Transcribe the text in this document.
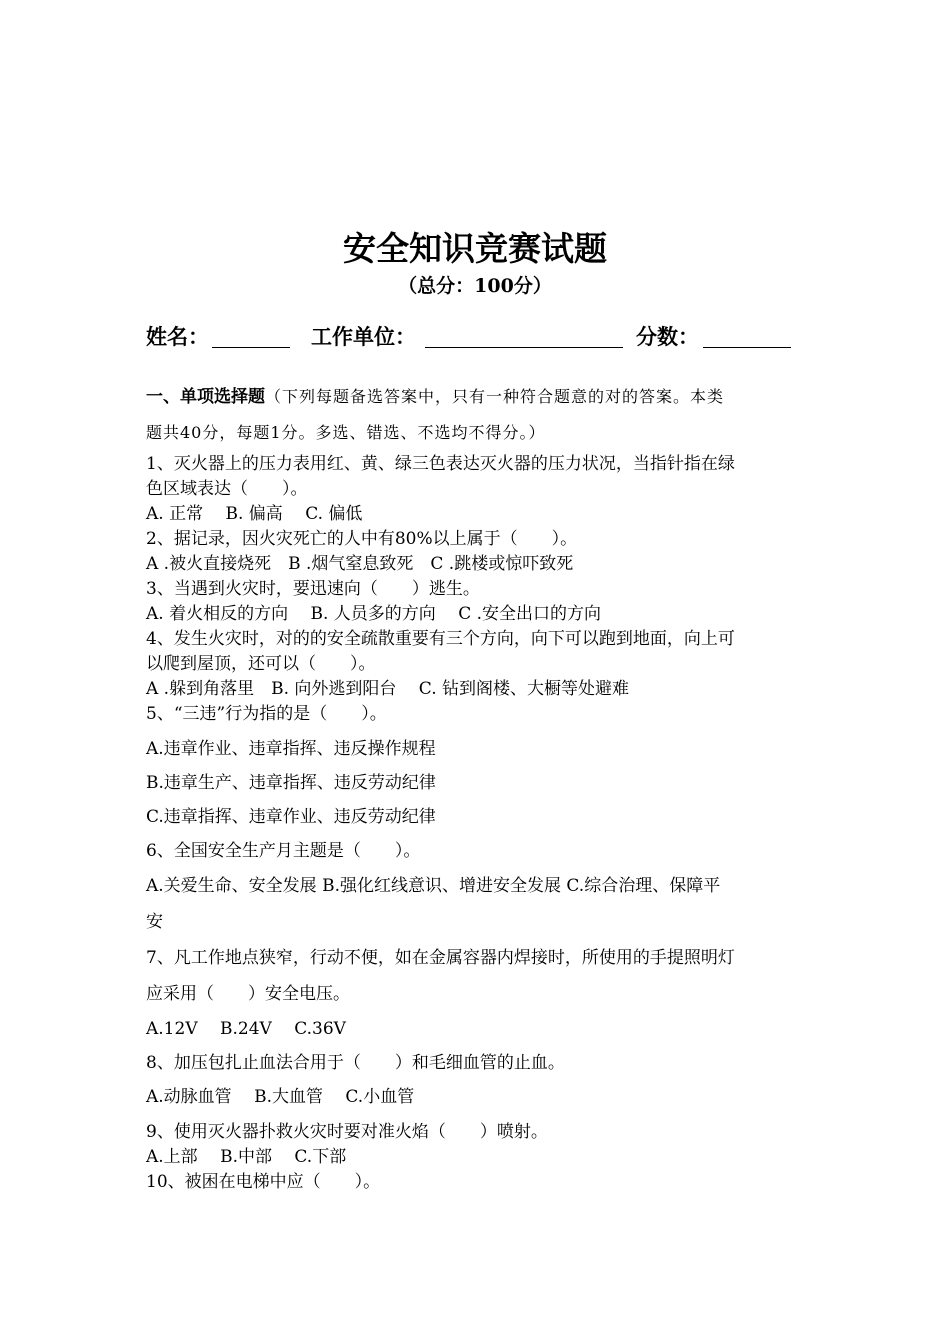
安全知识竞赛试题
（总分：100分）
姓名：	工作单位：	分数：
一、单项选择题（下列每题备选答案中，只有一种符合题意的对的答案。本类
题共40分，每题1分。多选、错选、不选均不得分。）
1、灭火器上的压力表用红、黄、绿三色表达灭火器的压力状况，当指针指在绿
色区域表达（　　）。
A. 正常　 B. 偏高　 C. 偏低
2、据记录，因火灾死亡的人中有80%以上属于（　　）。
A .被火直接烧死　B .烟气窒息致死　C .跳楼或惊吓致死
3、当遇到火灾时，要迅速向（　　）逃生。
A. 着火相反的方向　 B. 人员多的方向　 C .安全出口的方向
4、发生火灾时，对的的安全疏散重要有三个方向，向下可以跑到地面，向上可
以爬到屋顶，还可以（　　）。
A .躲到角落里　B. 向外逃到阳台　 C. 钻到阁楼、大橱等处避难
5、“三违”行为指的是（　　）。
A.违章作业、违章指挥、违反操作规程
B.违章生产、违章指挥、违反劳动纪律
C.违章指挥、违章作业、违反劳动纪律
6、全国安全生产月主题是（　　）。
A.关爱生命、安全发展 B.强化红线意识、增进安全发展 C.综合治理、保障平
安
7、凡工作地点狭窄，行动不便，如在金属容器内焊接时，所使用的手提照明灯
应采用（　　）安全电压。
A.12V　 B.24V　 C.36V
8、加压包扎止血法合用于（　　）和毛细血管的止血。
A.动脉血管　 B.大血管　 C.小血管
9、使用灭火器扑救火灾时要对准火焰（　　）喷射。
A.上部　 B.中部　 C.下部
10、被困在电梯中应（　　）。
